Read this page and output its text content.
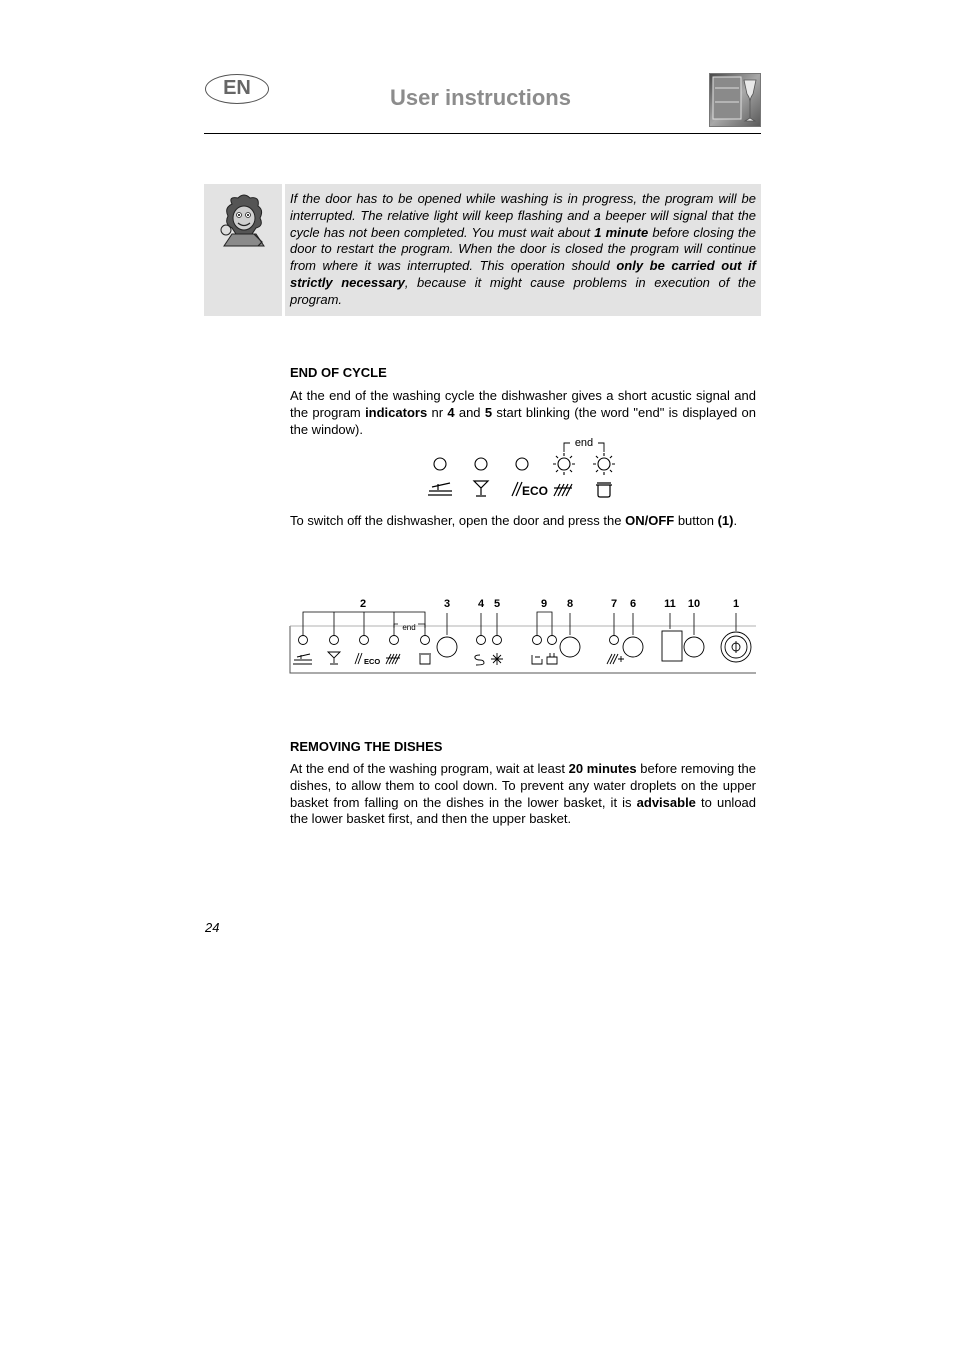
EN	User instructions
If the door has to be opened while washing is in progress, the program will be interrupted. The relative light will keep flashing and a beeper will signal that the cycle has not been completed. You must wait about 1 minute before closing the door to restart the program. When the door is closed the program will continue from where it was interrupted. This operation should only be carried out if strictly necessary, because it might cause problems in execution of the program.
END OF CYCLE
At the end of the washing cycle the dishwasher gives a short acustic signal and the program indicators nr 4 and 5 start blinking (the word "end" is displayed on the window).
end
ECO
To switch off the dishwasher, open the door and press the ON/OFF button (1).
2	3	4 5	9 8	7 6	11 10	1
end
ECO
REMOVING THE DISHES
At the end of the washing program, wait at least 20 minutes before removing the dishes, to allow them to cool down. To prevent any water droplets on the upper basket from falling on the dishes in the lower basket, it is advisable to unload the lower basket first, and then the upper basket.
24
